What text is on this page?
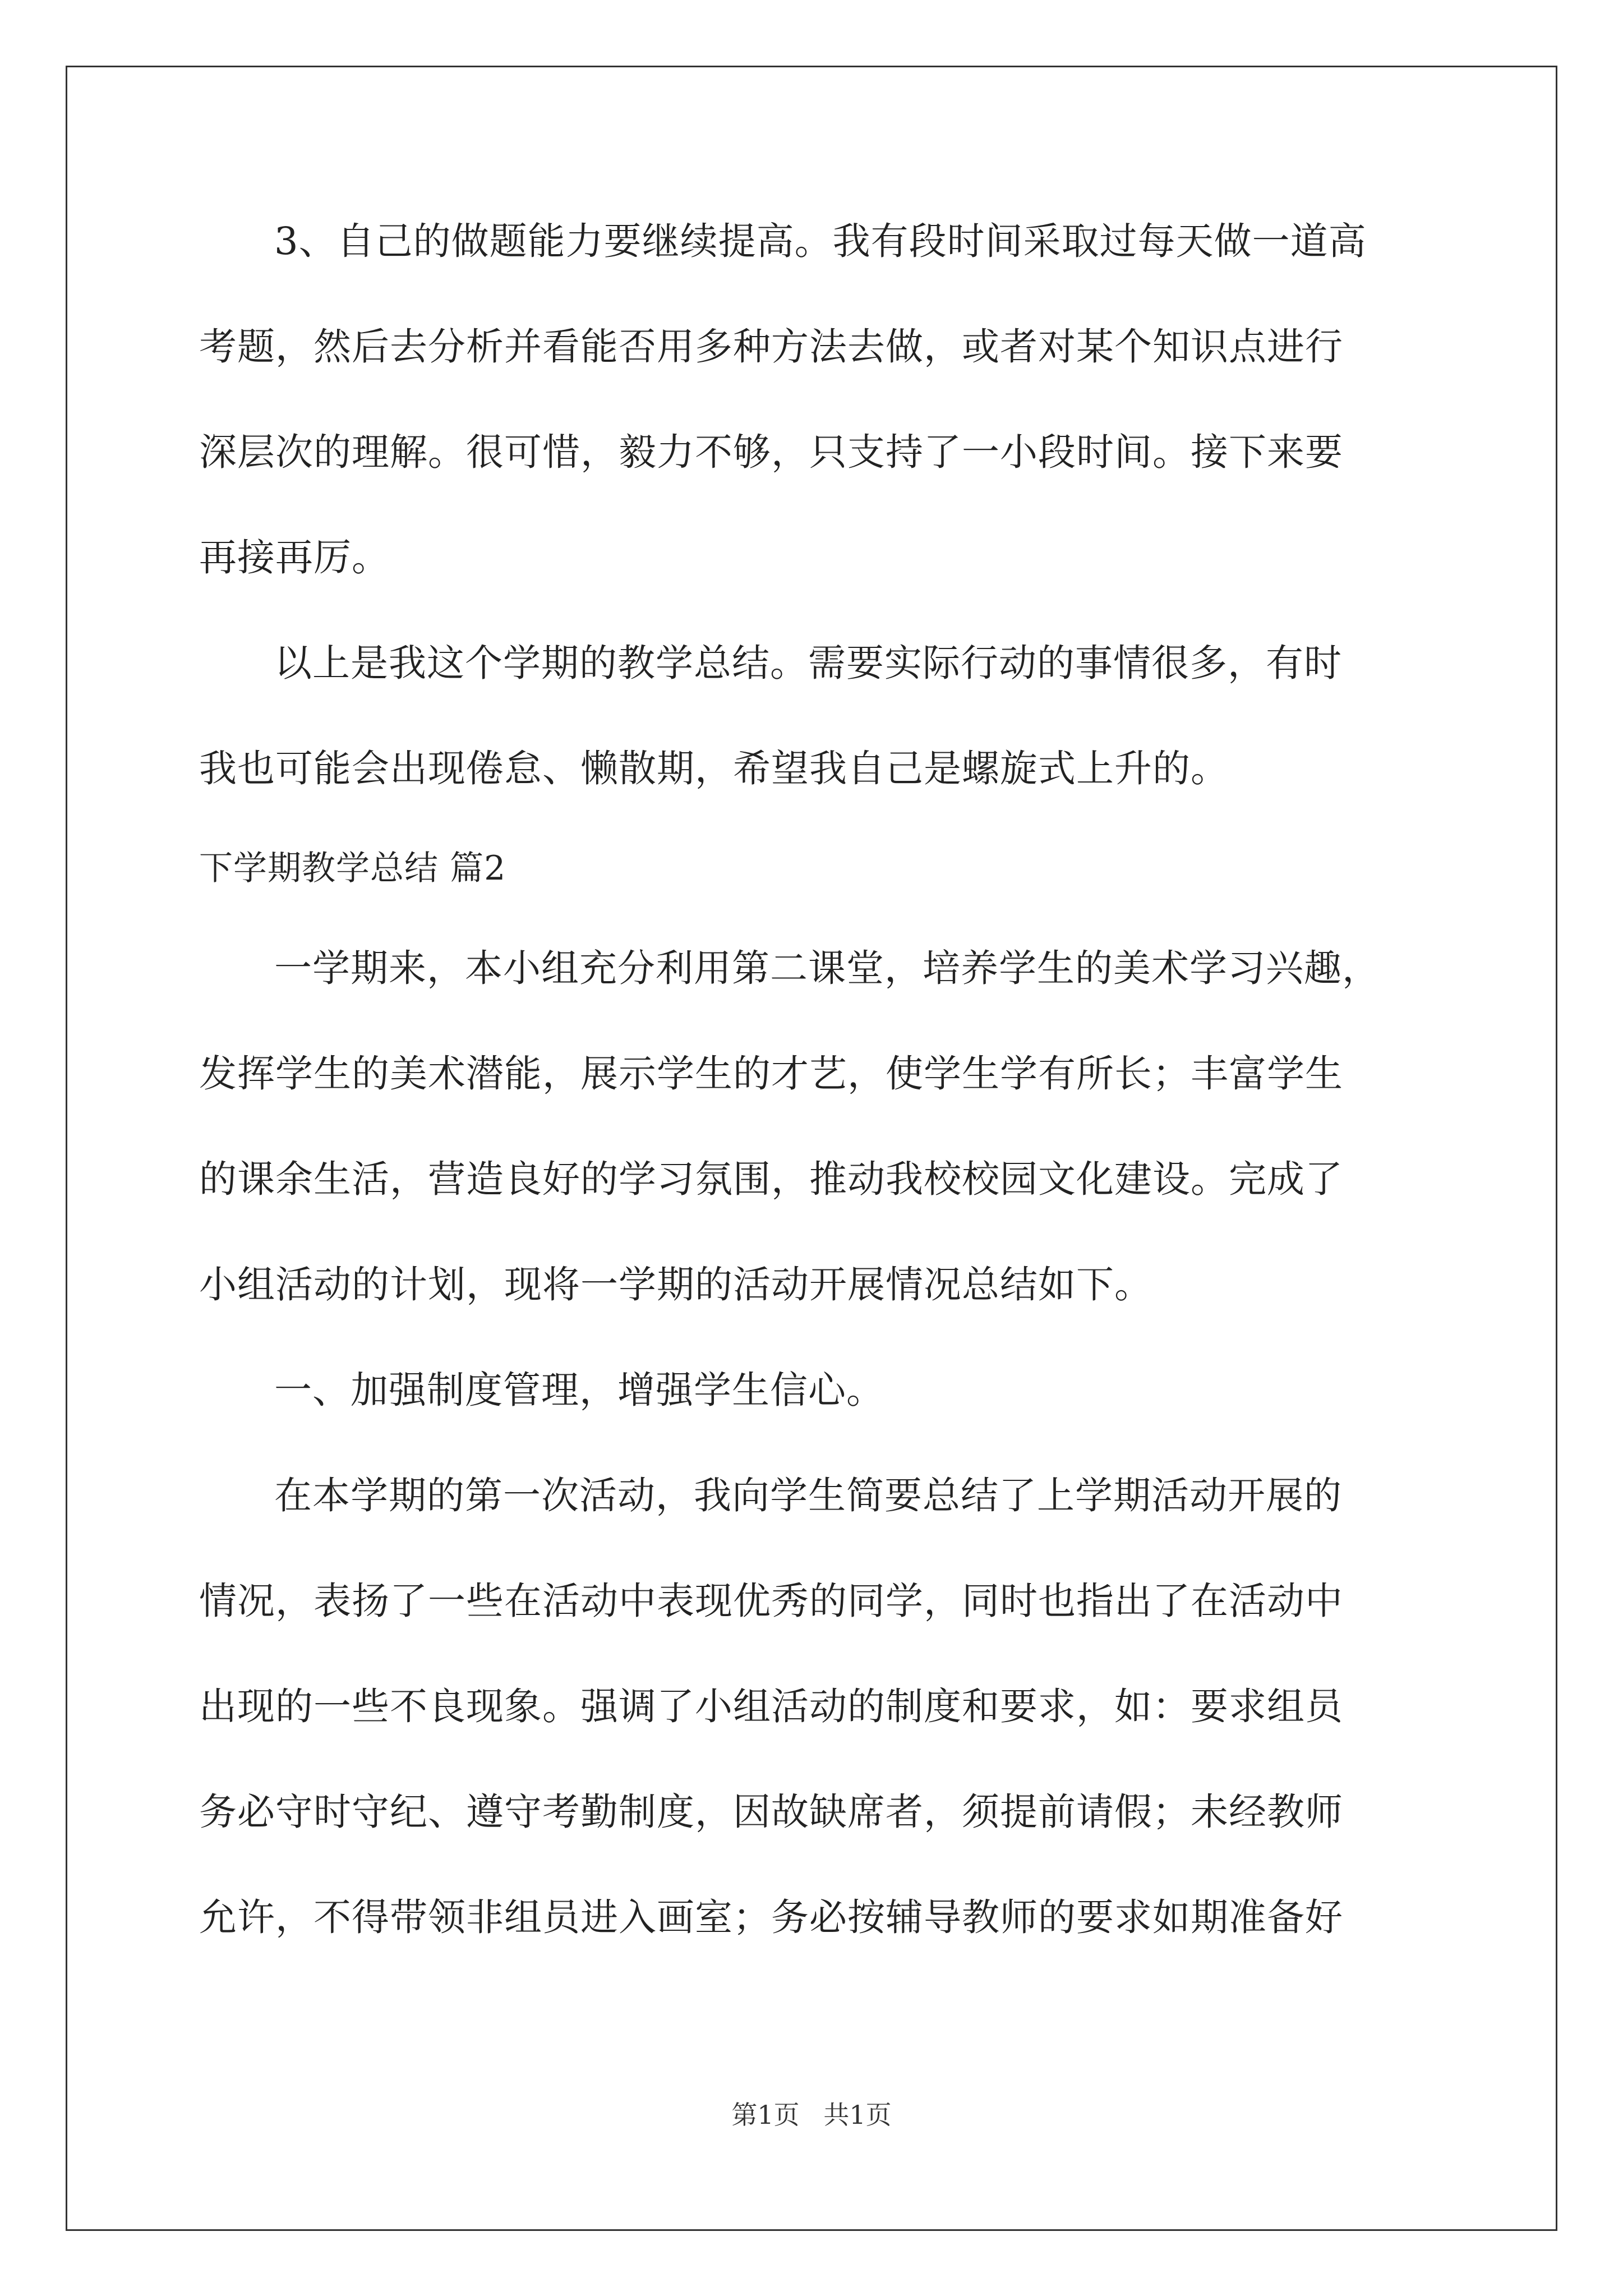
3、自己的做题能力要继续提高。我有段时间采取过每天做一道高
考题，然后去分析并看能否用多种方法去做，或者对某个知识点进行
深层次的理解。很可惜，毅力不够，只支持了一小段时间。接下来要
再接再厉。
以上是我这个学期的教学总结。需要实际行动的事情很多，有时
我也可能会出现倦怠、懒散期，希望我自己是螺旋式上升的。
下学期教学总结 篇2
一学期来，本小组充分利用第二课堂，培养学生的美术学习兴趣，
发挥学生的美术潜能，展示学生的才艺，使学生学有所长；丰富学生
的课余生活，营造良好的学习氛围，推动我校校园文化建设。完成了
小组活动的计划，现将一学期的活动开展情况总结如下。
一、加强制度管理，增强学生信心。
在本学期的第一次活动，我向学生简要总结了上学期活动开展的
情况，表扬了一些在活动中表现优秀的同学，同时也指出了在活动中
出现的一些不良现象。强调了小组活动的制度和要求，如：要求组员
务必守时守纪、遵守考勤制度，因故缺席者，须提前请假；未经教师
允许，不得带领非组员进入画室；务必按辅导教师的要求如期准备好
第1页 共1页
